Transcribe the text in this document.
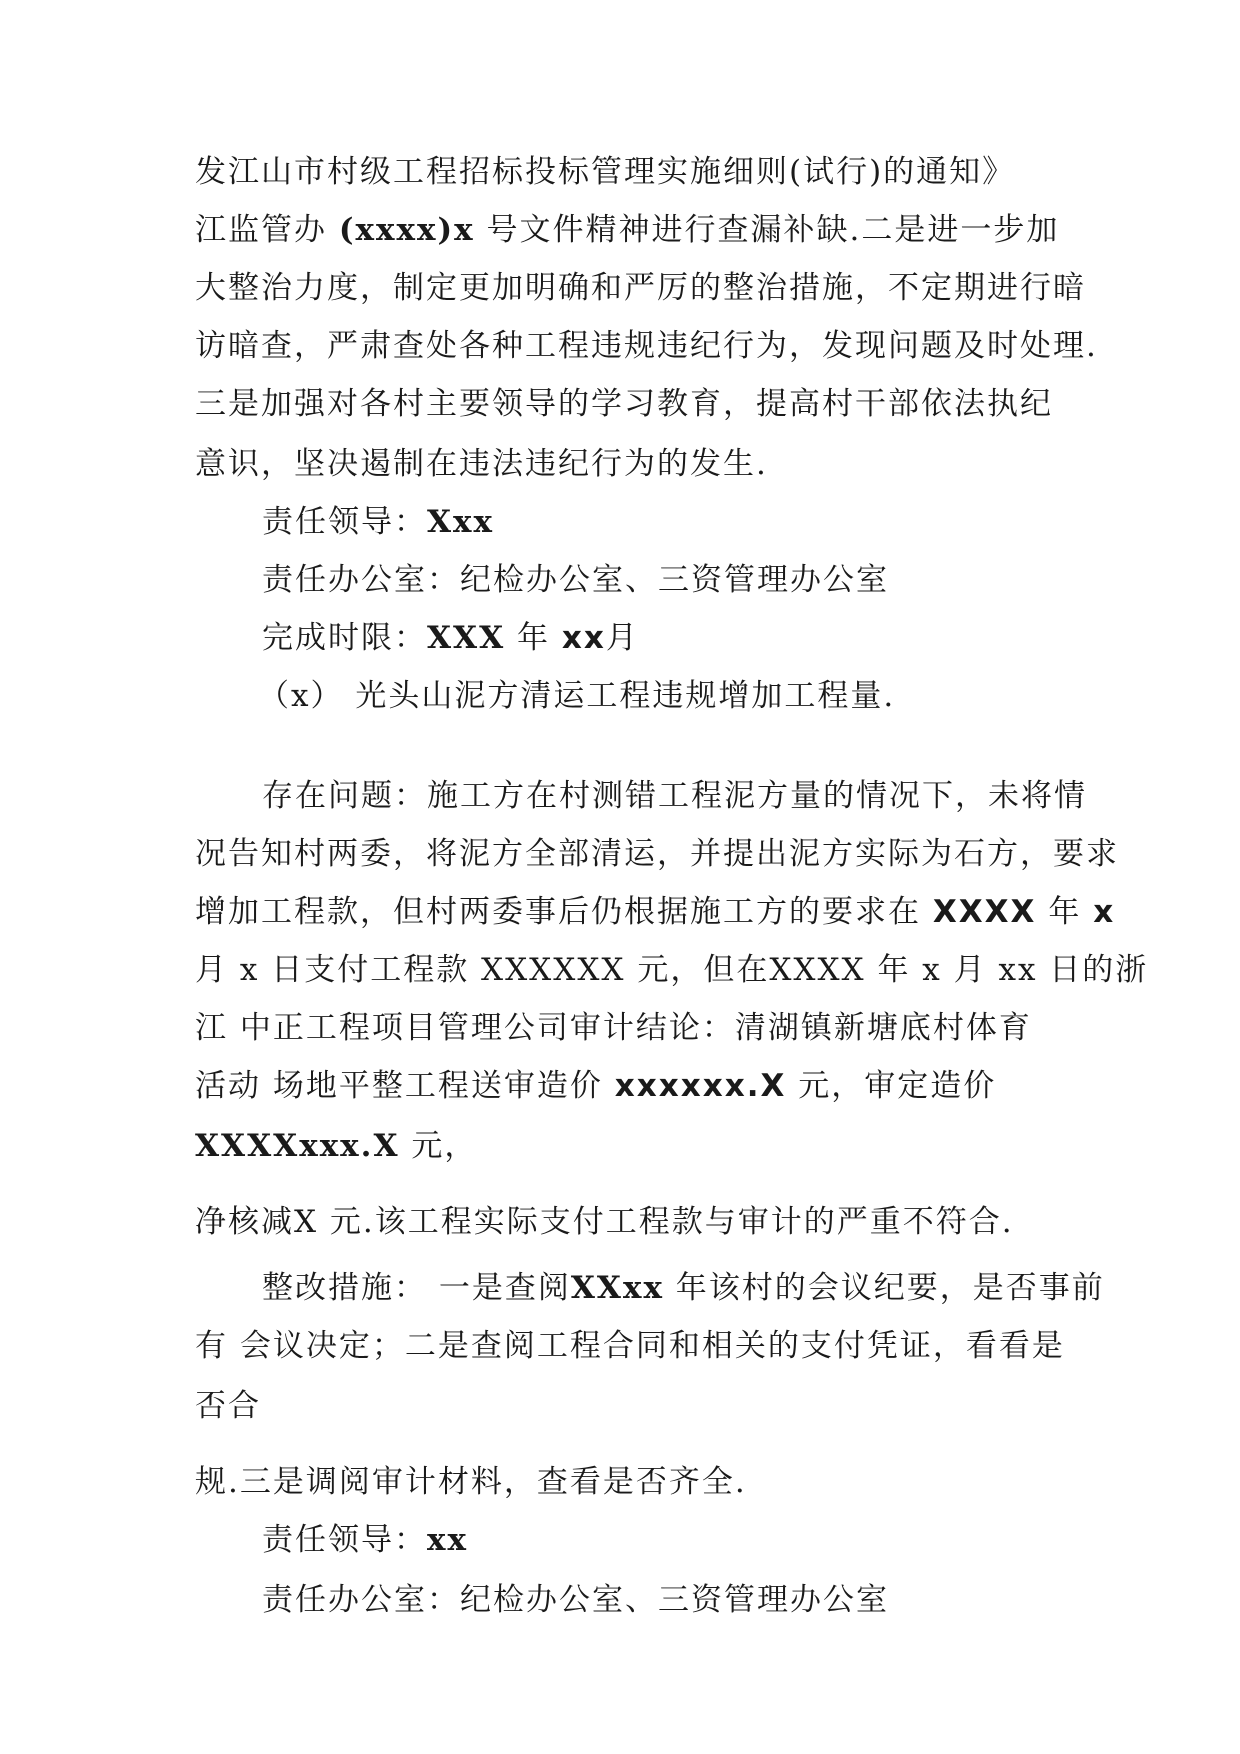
发江山市村级工程招标投标管理实施细则(试行)的通知》
江监管办 (xxxx)x 号文件精神进行查漏补缺.二是进一步加
大整治力度，制定更加明确和严厉的整治措施，不定期进行暗
访暗查，严肃查处各种工程违规违纪行为，发现问题及时处理.
三是加强对各村主要领导的学习教育，提高村干部依法执纪
意识，坚决遏制在违法违纪行为的发生.
责任领导：Xxx
责任办公室：纪检办公室、三资管理办公室
完成时限：XXX 年 xx月
（x） 光头山泥方清运工程违规增加工程量.
存在问题：施工方在村测错工程泥方量的情况下，未将情
况告知村两委，将泥方全部清运，并提出泥方实际为石方，要求
增加工程款，但村两委事后仍根据施工方的要求在 XXXX 年 x
月 x 日支付工程款 XXXXXX 元，但在XXXX 年 x 月 xx 日的浙
江 中正工程项目管理公司审计结论：清湖镇新塘底村体育
活动 场地平整工程送审造价 xxxxxx.X 元，审定造价
XXXXxxx.X 元，
净核减X 元.该工程实际支付工程款与审计的严重不符合.
整改措施： 一是查阅XXxx 年该村的会议纪要，是否事前
有 会议决定；二是查阅工程合同和相关的支付凭证，看看是
否合
规.三是调阅审计材料，查看是否齐全.
责任领导：xx
责任办公室：纪检办公室、三资管理办公室
